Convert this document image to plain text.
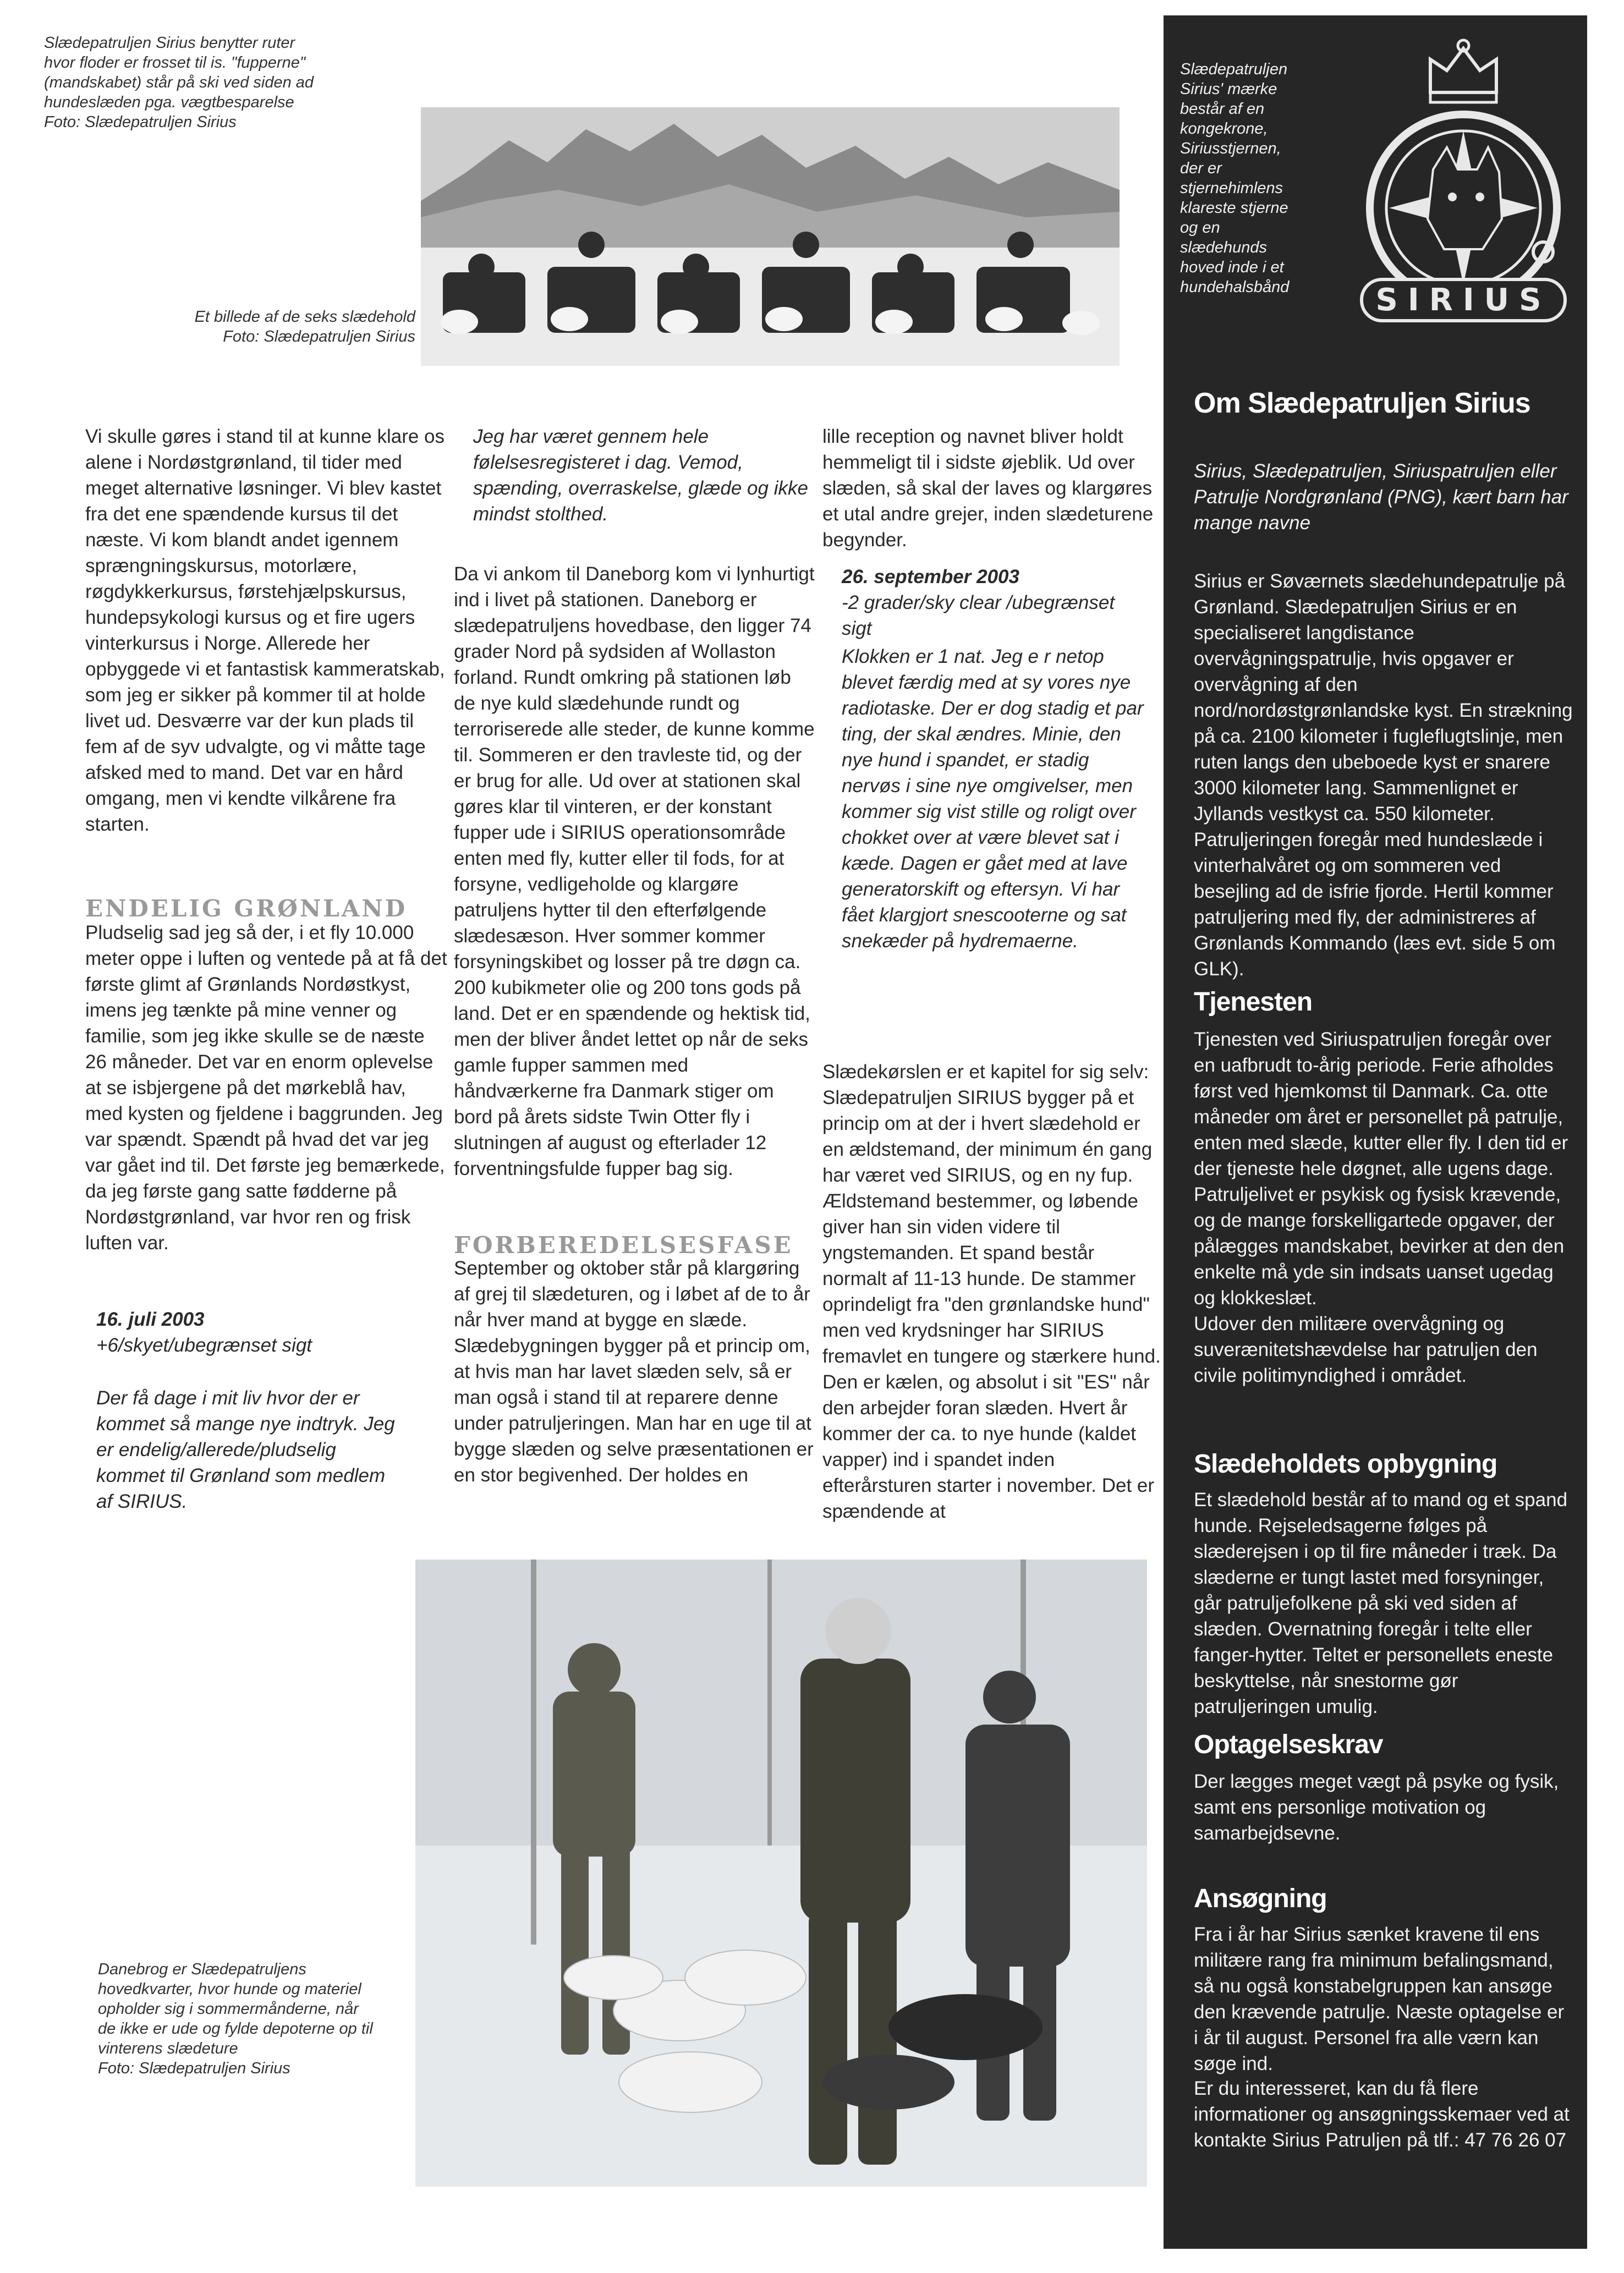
Slædepatruljen Sirius benytter ruter hvor floder er frosset til is. "fupperne" (mandskabet) står på ski ved siden ad hundeslæden pga. vægtbesparelse
Foto: Slædepatruljen Sirius
Et billede af de seks slædehold
Foto: Slædepatruljen Sirius
Slædepatruljen Sirius' mærke består af en kongekrone, Siriusstjernen, der er stjernehimlens klareste stjerne og en slædehunds hoved inde i et hundehalsbånd	SIRIUS
Om Slædepatruljen Sirius
Sirius, Slædepatruljen, Siriuspatruljen eller Patrulje Nordgrønland (PNG), kært barn har mange navne

Sirius er Søværnets slædehundepatrulje på Grønland. Slædepatruljen Sirius er en specialiseret langdistance overvågningspatrulje, hvis opgaver er overvågning af den nord/nordøstgrønlandske kyst. En strækning på ca. 2100 kilometer i fugleflugtslinje, men ruten langs den ubeboede kyst er snarere 3000 kilometer lang. Sammenlignet er Jyllands vestkyst ca. 550 kilometer.

Patruljeringen foregår med hundeslæde i vinterhalvåret og om sommeren ved besejling ad de isfrie fjorde. Hertil kommer patruljering med fly, der administreres af Grønlands Kommando (læs evt. side 5 om GLK).

Tjenesten

Tjenesten ved Siriuspatruljen foregår over en uafbrudt to-årig periode. Ferie afholdes først ved hjemkomst til Danmark. Ca. otte måneder om året er personellet på patrulje, enten med slæde, kutter eller fly. I den tid er der tjeneste hele døgnet, alle ugens dage.

Patruljelivet er psykisk og fysisk krævende, og de mange forskelligartede opgaver, der pålægges mandskabet, bevirker at den den enkelte må yde sin indsats uanset ugedag og klokkeslæt.

Udover den militære overvågning og suverænitetshævdelse har patruljen den civile politimyndighed i området.

Slædeholdets opbygning
Et slædehold består af to mand og et spand hunde. Rejseledsagerne følges på slæderejsen i op til fire måneder i træk. Da slæderne er tungt lastet med forsyninger, går patruljefolkene på ski ved siden af slæden. Overnatning foregår i telte eller fanger-hytter. Teltet er personellets eneste beskyttelse, når snestorme gør patruljeringen umulig.
Optagelseskrav
Der lægges meget vægt på psyke og fysik, samt ens personlige motivation og samarbejdsevne.
Ansøgning
Fra i år har Sirius sænket kravene til ens militære rang fra minimum befalingsmand, så nu også konstabelgruppen kan ansøge den krævende patrulje. Næste optagelse er i år til august. Personel fra alle værn kan søge ind.
Er du interesseret, kan du få flere informationer og ansøgningsskemaer ved at kontakte Sirius Patruljen på tlf.: 47 76 26 07
Vi skulle gøres i stand til at kunne klare os alene i Nordøstgrønland, til tider med meget alternative løsninger. Vi blev kastet fra det ene spændende kursus til det næste. Vi kom blandt andet igennem sprængningskursus, motorlære, røgdykkerkursus, førstehjælpskursus, hundepsykologi kursus og et fire ugers vinterkursus i Norge. Allerede her opbyggede vi et fantastisk kammeratskab, som jeg er sikker på kommer til at holde livet ud. Desværre var der kun plads til fem af de syv udvalgte, og vi måtte tage afsked med to mand. Det var en hård omgang, men vi kendte vilkårene fra starten.
ENDELIG GRØNLAND
Pludselig sad jeg så der, i et fly 10.000 meter oppe i luften og ventede på at få det første glimt af Grønlands Nordøstkyst, imens jeg tænkte på mine venner og familie, som jeg ikke skulle se de næste 26 måneder. Det var en enorm oplevelse at se isbjergene på det mørkeblå hav, med kysten og fjeldene i baggrunden. Jeg var spændt. Spændt på hvad det var jeg var gået ind til. Det første jeg bemærkede, da jeg første gang satte fødderne på Nordøstgrønland, var hvor ren og frisk luften var.
16. juli 2003
+6/skyet/ubegrænset sigt
Der få dage i mit liv hvor der er kommet så mange nye indtryk. Jeg er endelig/allerede/pludselig kommet til Grønland som medlem af SIRIUS.
Jeg har været gennem hele følelsesregisteret i dag. Vemod, spænding, overraskelse, glæde og ikke mindst stolthed.
Da vi ankom til Daneborg kom vi lynhurtigt ind i livet på stationen. Daneborg er slædepatruljens hovedbase, den ligger 74 grader Nord på sydsiden af Wollaston forland. Rundt omkring på stationen løb de nye kuld slædehunde rundt og terroriserede alle steder, de kunne komme til. Sommeren er den travleste tid, og der er brug for alle. Ud over at stationen skal gøres klar til vinteren, er der konstant fupper ude i SIRIUS operationsområde enten med fly, kutter eller til fods, for at forsyne, vedligeholde og klargøre patruljens hytter til den efterfølgende slædesæson. Hver sommer kommer forsyningskibet og losser på tre døgn ca. 200 kubikmeter olie og 200 tons gods på land. Det er en spændende og hektisk tid, men der bliver åndet lettet op når de seks gamle fupper sammen med håndværkerne fra Danmark stiger om bord på årets sidste Twin Otter fly i slutningen af august og efterlader 12 forventningsfulde fupper bag sig.
FORBEREDELSESFASE
September og oktober står på klargøring af grej til slædeturen, og i løbet af de to år når hver mand at bygge en slæde. Slædebygningen bygger på et princip om, at hvis man har lavet slæden selv, så er man også i stand til at reparere denne under patruljeringen. Man har en uge til at bygge slæden og selve præsentationen er en stor begivenhed. Der holdes en
lille reception og navnet bliver holdt hemmeligt til i sidste øjeblik. Ud over slæden, så skal der laves og klargøres et utal andre grejer, inden slædeturene begynder.
26. september 2003
-2 grader/sky clear /ubegrænset sigt
Klokken er 1 nat. Jeg e r netop blevet færdig med at sy vores nye radiotaske. Der er dog stadig et par ting, der skal ændres. Minie, den nye hund i spandet, er stadig nervøs i sine nye omgivelser, men kommer sig vist stille og roligt over chokket over at være blevet sat i kæde. Dagen er gået med at lave generatorskift og eftersyn. Vi har fået klargjort snescooterne og sat snekæder på hydremaerne.
Slædekørslen er et kapitel for sig selv: Slædepatruljen SIRIUS bygger på et princip om at der i hvert slædehold er en ældstemand, der minimum én gang har været ved SIRIUS, og en ny fup. Ældstemand bestemmer, og løbende giver han sin viden videre til yngstemanden. Et spand består normalt af 11-13 hunde. De stammer oprindeligt fra "den grønlandske hund" men ved krydsninger har SIRIUS fremavlet en tungere og stærkere hund. Den er kælen, og absolut i sit "ES" når den arbejder foran slæden. Hvert år kommer der ca. to nye hunde (kaldet vapper) ind i spandet inden efterårsturen starter i november. Det er spændende at
Danebrog er Slædepatruljens hovedkvarter, hvor hunde og materiel opholder sig i sommermånderne, når de ikke er ude og fylde depoterne op til vinterens slædeture
Foto: Slædepatruljen Sirius
